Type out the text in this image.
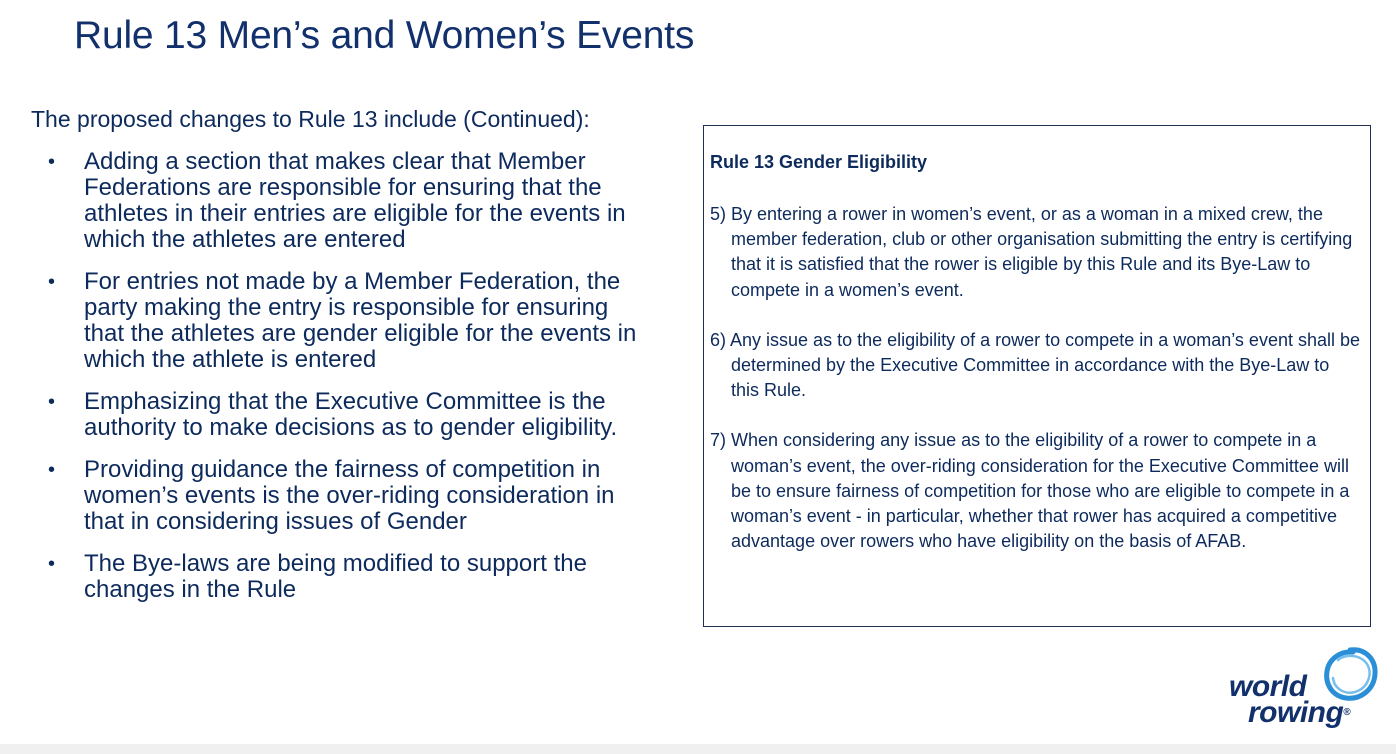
Rule 13 Men’s and Women’s Events
The proposed changes to Rule 13 include (Continued):
• Adding a section that makes clear that Member Federations are responsible for ensuring that the athletes in their entries are eligible for the events in which the athletes are entered
• For entries not made by a Member Federation, the party making the entry is responsible for ensuring that the athletes are gender eligible for the events in which the athlete is entered
• Emphasizing that the Executive Committee is the authority to make decisions as to gender eligibility.
• Providing guidance the fairness of competition in women’s events is the over-riding consideration in that in considering issues of Gender
• The Bye-laws are being modified to support the changes in the Rule

Rule 13 Gender Eligibility

5) By entering a rower in women’s event, or as a woman in a mixed crew, the member federation, club or other organisation submitting the entry is certifying that it is satisfied that the rower is eligible by this Rule and its Bye-Law to compete in a women’s event.

6) Any issue as to the eligibility of a rower to compete in a woman’s event shall be determined by the Executive Committee in accordance with the Bye-Law to this Rule.

7) When considering any issue as to the eligibility of a rower to compete in a woman’s event, the over-riding consideration for the Executive Committee will be to ensure fairness of competition for those who are eligible to compete in a woman’s event - in particular, whether that rower has acquired a competitive advantage over rowers who have eligibility on the basis of AFAB.

world
rowing®
